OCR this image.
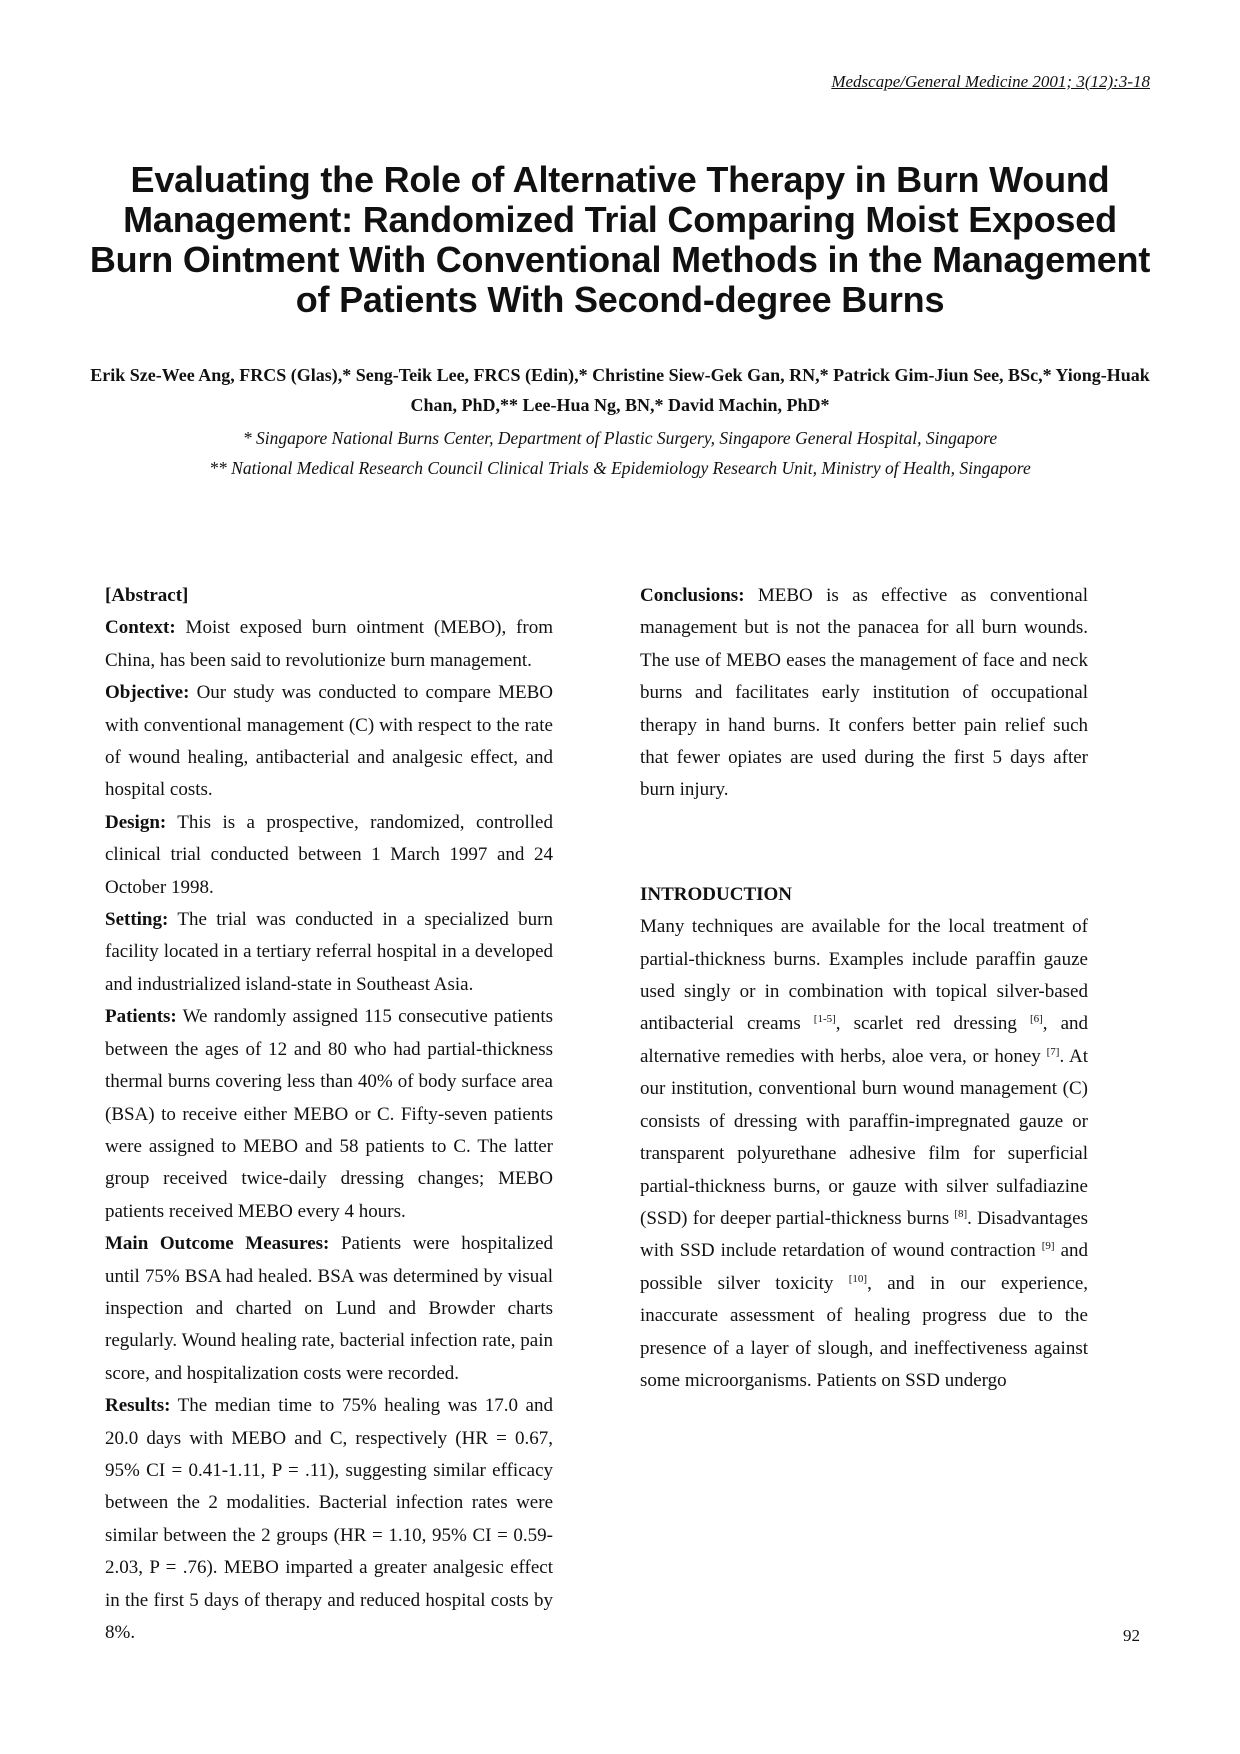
Medscape/General Medicine 2001; 3(12):3-18
Evaluating the Role of Alternative Therapy in Burn Wound Management: Randomized Trial Comparing Moist Exposed Burn Ointment With Conventional Methods in the Management of Patients With Second-degree Burns
Erik Sze-Wee Ang, FRCS (Glas),* Seng-Teik Lee, FRCS (Edin),* Christine Siew-Gek Gan, RN,* Patrick Gim-Jiun See, BSc,* Yiong-Huak Chan, PhD,** Lee-Hua Ng, BN,* David Machin, PhD*
* Singapore National Burns Center, Department of Plastic Surgery, Singapore General Hospital, Singapore
** National Medical Research Council Clinical Trials & Epidemiology Research Unit, Ministry of Health, Singapore

[Abstract]

Context: Moist exposed burn ointment (MEBO), from China, has been said to revolutionize burn management.

Objective: Our study was conducted to compare MEBO with conventional management (C) with respect to the rate of wound healing, antibacterial and analgesic effect, and hospital costs.

Design: This is a prospective, randomized, controlled clinical trial conducted between 1 March 1997 and 24 October 1998.

Setting: The trial was conducted in a specialized burn facility located in a tertiary referral hospital in a developed and industrialized island-state in Southeast Asia.

Patients: We randomly assigned 115 consecutive patients between the ages of 12 and 80 who had partial-thickness thermal burns covering less than 40% of body surface area (BSA) to receive either MEBO or C. Fifty-seven patients were assigned to MEBO and 58 patients to C. The latter group received twice-daily dressing changes; MEBO patients received MEBO every 4 hours.

Main Outcome Measures: Patients were hospitalized until 75% BSA had healed. BSA was determined by visual inspection and charted on Lund and Browder charts regularly. Wound healing rate, bacterial infection rate, pain score, and hospitalization costs were recorded.

Results: The median time to 75% healing was 17.0 and 20.0 days with MEBO and C, respectively (HR = 0.67, 95% CI = 0.41-1.11, P = .11), suggesting similar efficacy between the 2 modalities. Bacterial infection rates were similar between the 2 groups (HR = 1.10, 95% CI = 0.59-2.03, P = .76). MEBO imparted a greater analgesic effect in the first 5 days of therapy and reduced hospital costs by 8%.

Conclusions: MEBO is as effective as conventional management but is not the panacea for all burn wounds. The use of MEBO eases the management of face and neck burns and facilitates early institution of occupational therapy in hand burns. It confers better pain relief such that fewer opiates are used during the first 5 days after burn injury.

INTRODUCTION

Many techniques are available for the local treatment of partial-thickness burns. Examples include paraffin gauze used singly or in combination with topical silver-based antibacterial creams [1-5], scarlet red dressing [6], and alternative remedies with herbs, aloe vera, or honey [7]. At our institution, conventional burn wound management (C) consists of dressing with paraffin-impregnated gauze or transparent polyurethane adhesive film for superficial partial-thickness burns, or gauze with silver sulfadiazine (SSD) for deeper partial-thickness burns [8]. Disadvantages with SSD include retardation of wound contraction [9] and possible silver toxicity [10], and in our experience, inaccurate assessment of healing progress due to the presence of a layer of slough, and ineffectiveness against some microorganisms. Patients on SSD undergo

92
